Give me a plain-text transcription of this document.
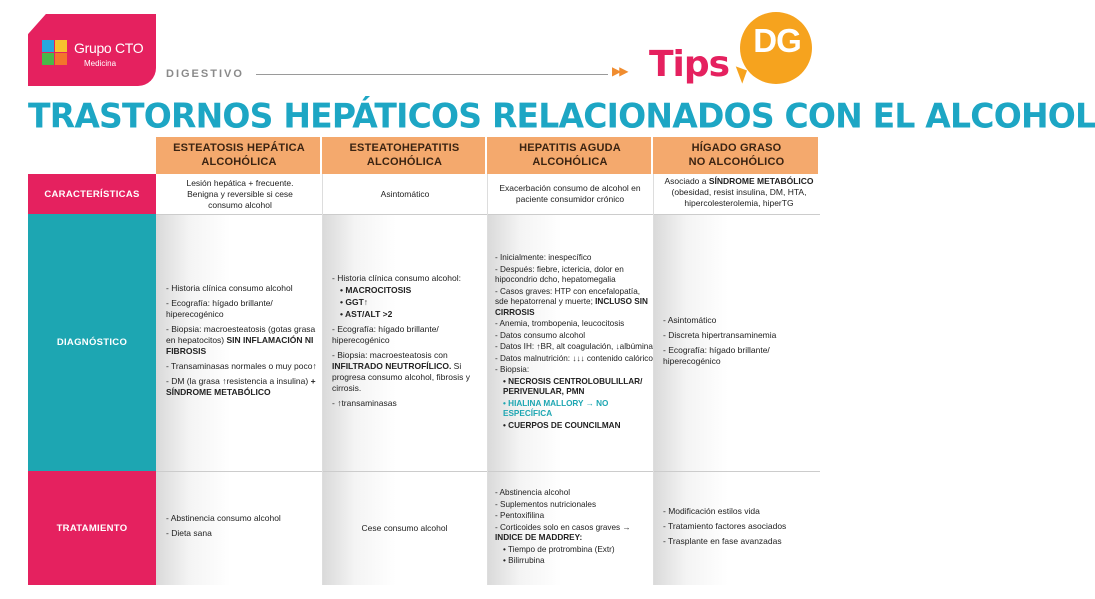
Grupo CTO
Medicina
DIGESTIVO	▶▶ Tips
DG
TRASTORNOS HEPÁTICOS RELACIONADOS CON EL ALCOHOL
ESTEATOSIS HEPÁTICA
ALCOHÓLICA
ESTEATOHEPATITIS
ALCOHÓLICA
HEPATITIS AGUDA
ALCOHÓLICA
HÍGADO GRASO
NO ALCOHÓLICO
CARACTERÍSTICAS
DIAGNÓSTICO
TRATAMIENTO
Lesión hepática + frecuente. Benigna y reversible si cese consumo alcohol
Asintomático
Exacerbación consumo de alcohol en paciente consumidor crónico
Asociado a SÍNDROME METABÓLICO (obesidad, resist insulina, DM, HTA, hipercolesterolemia, hiperTG
- Historia clínica consumo alcohol
- Ecografía: hígado brillante/ hiperecogénico
- Biopsia: macroesteatosis (gotas grasa en hepatocitos) SIN INFLAMACIÓN NI FIBROSIS
- Transaminasas normales o muy poco↑
- DM (la grasa ↑resistencia a insulina) + SÍNDROME METABÓLICO
- Historia clínica consumo alcohol:
• MACROCITOSIS
• GGT↑
• AST/ALT >2
- Ecografía: hígado brillante/ hiperecogénico
- Biopsia: macroesteatosis con INFILTRADO NEUTROFÍLICO. Si progresa consumo alcohol, fibrosis y cirrosis.
- ↑transaminasas
- Inicialmente: inespecífico
- Después: fiebre, ictericia, dolor en hipocondrio dcho, hepatomegalia
- Casos graves: HTP con encefalopatía, sde hepatorrenal y muerte; INCLUSO SIN CIRROSIS
- Anemia, trombopenia, leucocitosis
- Datos consumo alcohol
- Datos IH: ↑BR, alt coagulación, ↓albúmina
- Datos malnutrición: ↓↓↓ contenido calórico
- Biopsia:
• NECROSIS CENTROLOBULILLAR/ PERIVENULAR, PMN
• HIALINA MALLORY → NO ESPECÍFICA
• CUERPOS DE COUNCILMAN
- Asintomático
- Discreta hipertransaminemia
- Ecografía: hígado brillante/ hiperecogénico
- Abstinencia consumo alcohol
- Dieta sana
Cese consumo alcohol
- Abstinencia alcohol
- Suplementos nutricionales
- Pentoxifilina
- Corticoides solo en casos graves → INDICE DE MADDREY:
• Tiempo de protrombina (Extr)
• Bilirrubina
- Modificación estilos vida
- Tratamiento factores asociados
- Trasplante en fase avanzadas
